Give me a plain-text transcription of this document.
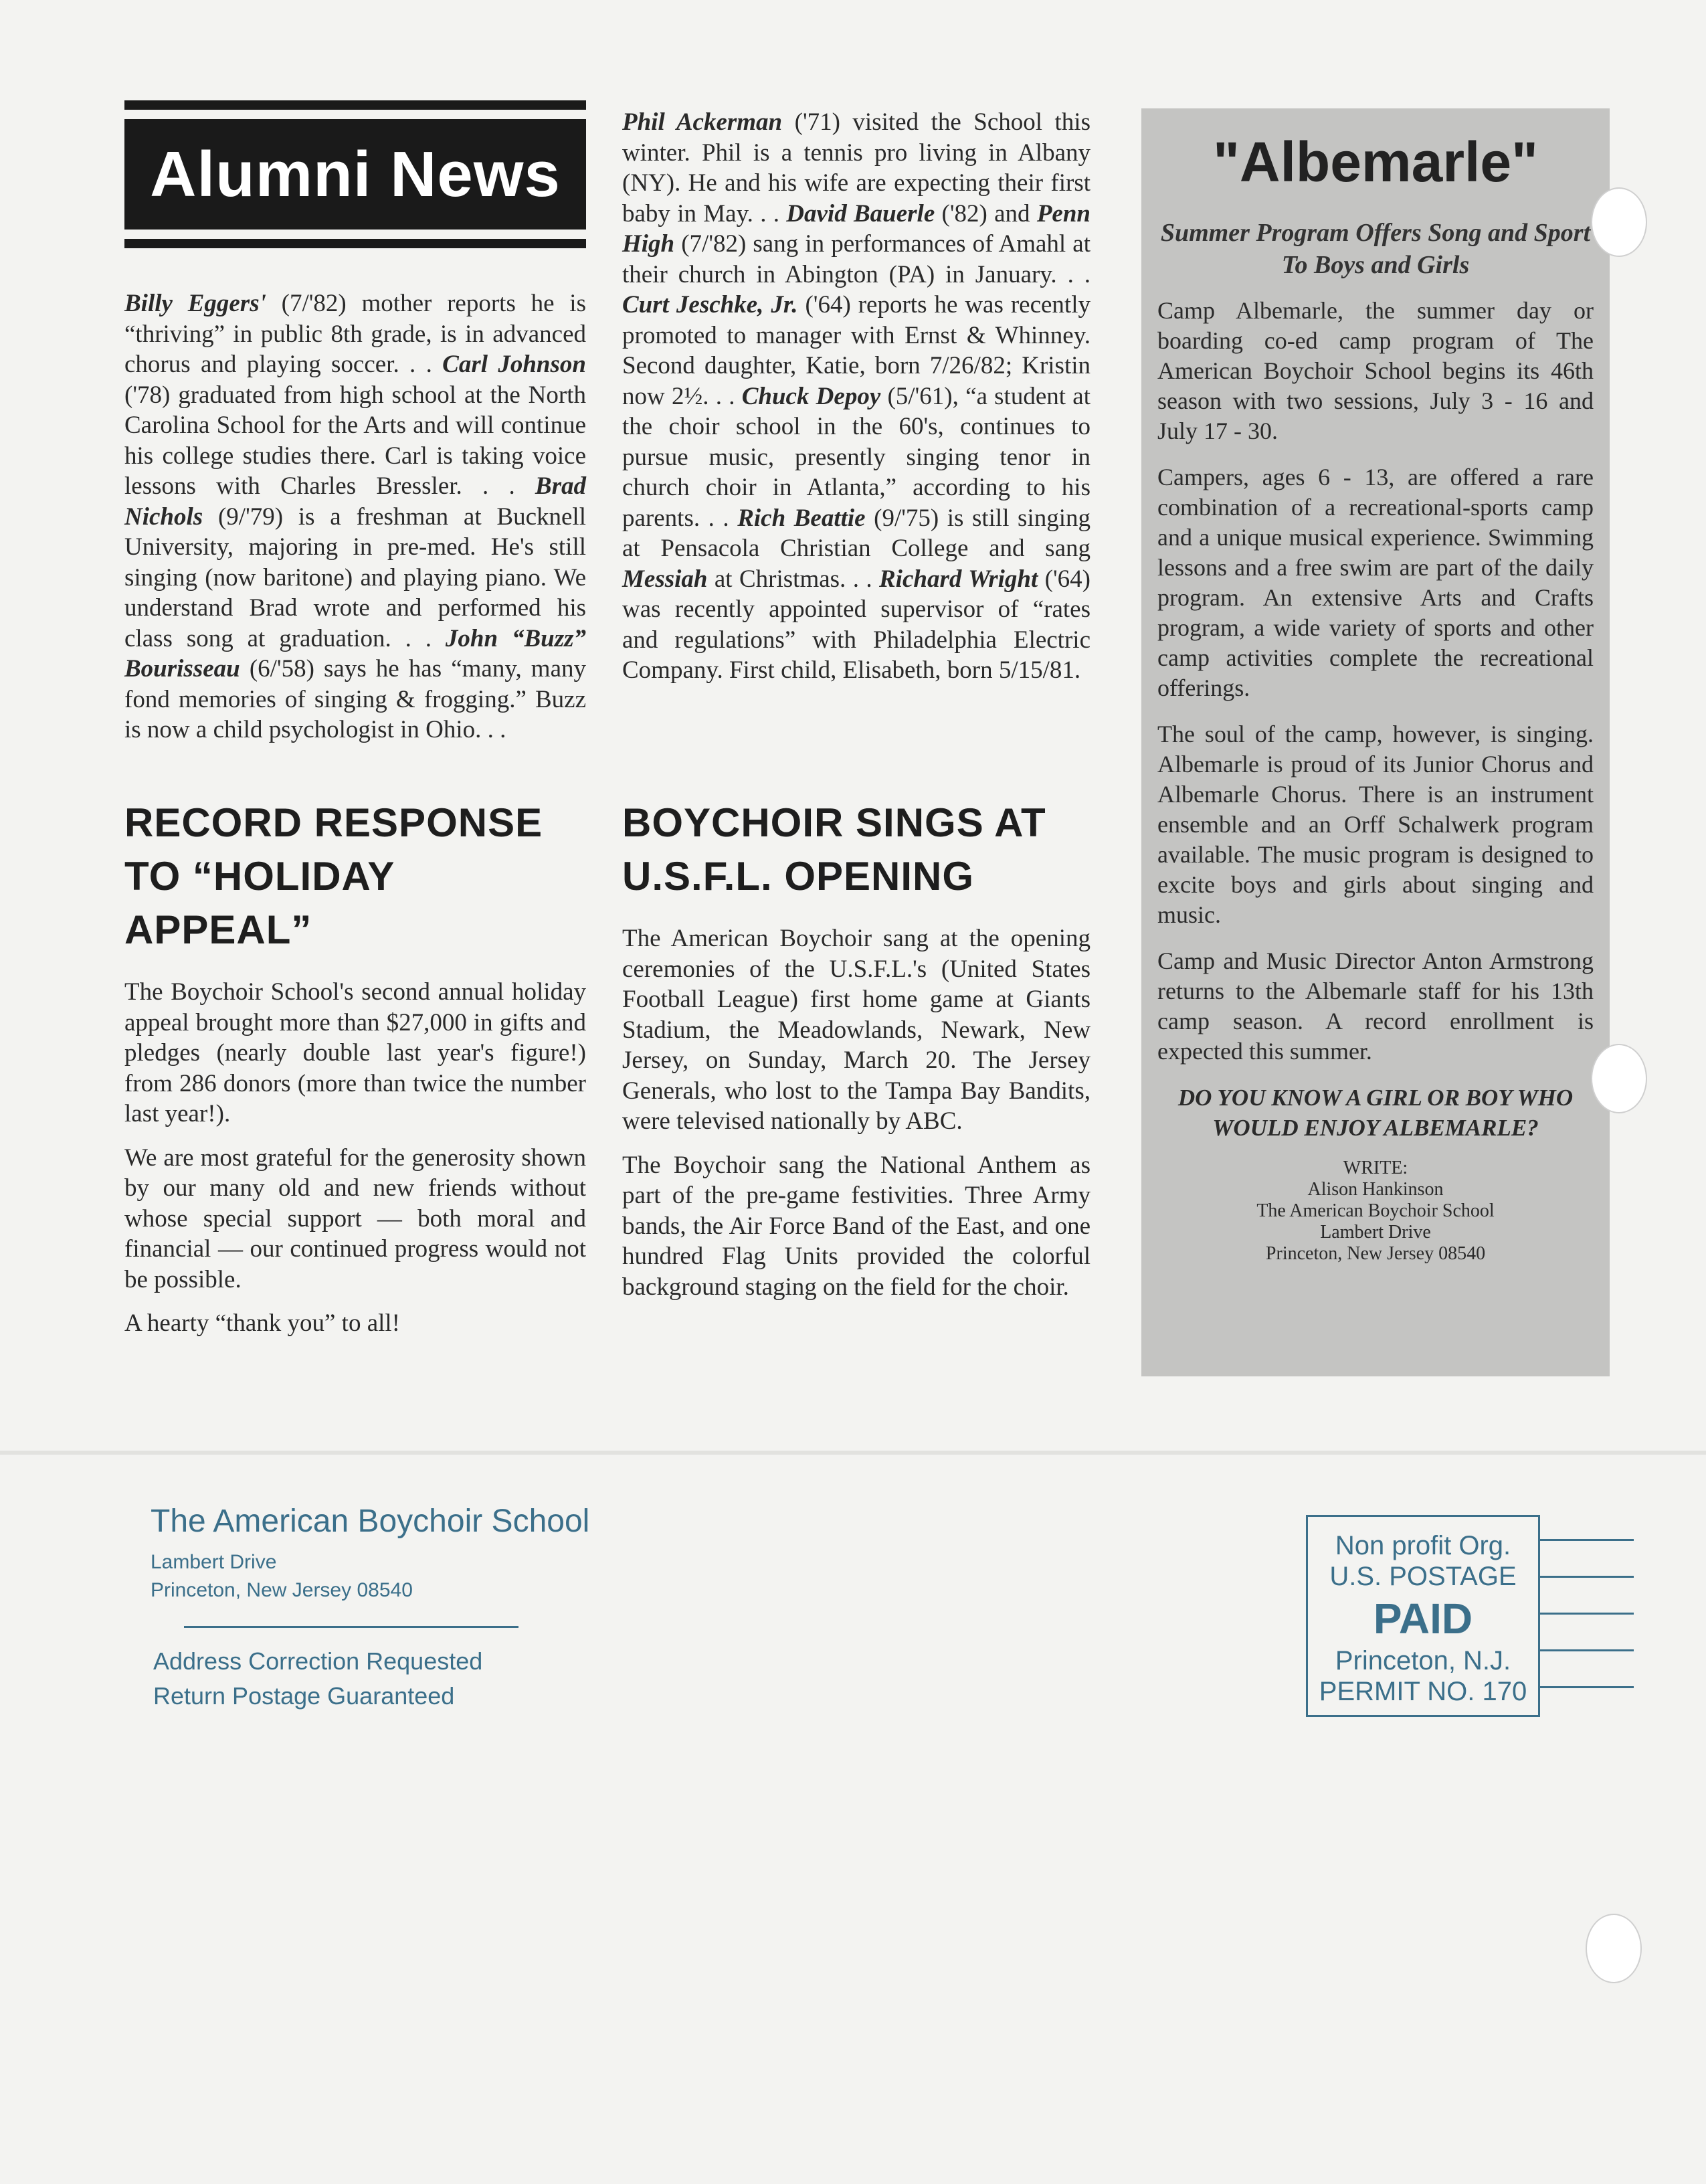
Alumni News

Billy Eggers' (7/'82) mother reports he is “thriving” in public 8th grade, is in advanced chorus and playing soccer. . . Carl Johnson ('78) graduated from high school at the North Carolina School for the Arts and will continue his college studies there. Carl is taking voice lessons with Charles Bressler. . . Brad Nichols (9/'79) is a freshman at Bucknell University, majoring in pre-med. He's still singing (now baritone) and playing piano. We understand Brad wrote and performed his class song at graduation. . . John “Buzz” Bourisseau (6/'58) says he has “many, many fond memories of singing & frogging.” Buzz is now a child psychologist in Ohio. . .

RECORD RESPONSE TO “HOLIDAY APPEAL”

The Boychoir School's second annual holiday appeal brought more than $27,000 in gifts and pledges (nearly double last year's figure!) from 286 donors (more than twice the number last year!).

We are most grateful for the generosity shown by our many old and new friends without whose special support — both moral and financial — our continued progress would not be possible.

A hearty “thank you” to all!

Phil Ackerman ('71) visited the School this winter. Phil is a tennis pro living in Albany (NY). He and his wife are expecting their first baby in May. . . David Bauerle ('82) and Penn High (7/'82) sang in performances of Amahl at their church in Abington (PA) in January. . . Curt Jeschke, Jr. ('64) reports he was recently promoted to manager with Ernst & Whinney. Second daughter, Katie, born 7/26/82; Kristin now 2½. . . Chuck Depoy (5/'61), “a student at the choir school in the 60's, continues to pursue music, presently singing tenor in church choir in Atlanta,” according to his parents. . . Rich Beattie (9/'75) is still singing at Pensacola Christian College and sang Messiah at Christmas. . . Richard Wright ('64) was recently appointed supervisor of “rates and regulations” with Philadelphia Electric Company. First child, Elisabeth, born 5/15/81.

BOYCHOIR SINGS AT U.S.F.L. OPENING

The American Boychoir sang at the opening ceremonies of the U.S.F.L.'s (United States Football League) first home game at Giants Stadium, the Meadowlands, Newark, New Jersey, on Sunday, March 20. The Jersey Generals, who lost to the Tampa Bay Bandits, were televised nationally by ABC.

The Boychoir sang the National Anthem as part of the pre-game festivities. Three Army bands, the Air Force Band of the East, and one hundred Flag Units provided the colorful background staging on the field for the choir.

"Albemarle"
Summer Program Offers Song and Sport To Boys and Girls

Camp Albemarle, the summer day or boarding co-ed camp program of The American Boychoir School begins its 46th season with two sessions, July 3 - 16 and July 17 - 30.

Campers, ages 6 - 13, are offered a rare combination of a recreational-sports camp and a unique musical experience. Swimming lessons and a free swim are part of the daily program. An extensive Arts and Crafts program, a wide variety of sports and other camp activities complete the recreational offerings.

The soul of the camp, however, is singing. Albemarle is proud of its Junior Chorus and Albemarle Chorus. There is an instrument ensemble and an Orff Schalwerk program available. The music program is designed to excite boys and girls about singing and music.

Camp and Music Director Anton Armstrong returns to the Albemarle staff for his 13th camp season. A record enrollment is expected this summer.

DO YOU KNOW A GIRL OR BOY WHO WOULD ENJOY ALBEMARLE?

WRITE:

Alison Hankinson

The American Boychoir School

Lambert Drive

Princeton, New Jersey 08540

The American Boychoir School
Lambert Drive
Princeton, New Jersey 08540
Address Correction Requested
Return Postage Guaranteed
Non profit Org.
U.S. POSTAGE
PAID
Princeton, N.J.
PERMIT NO. 170
